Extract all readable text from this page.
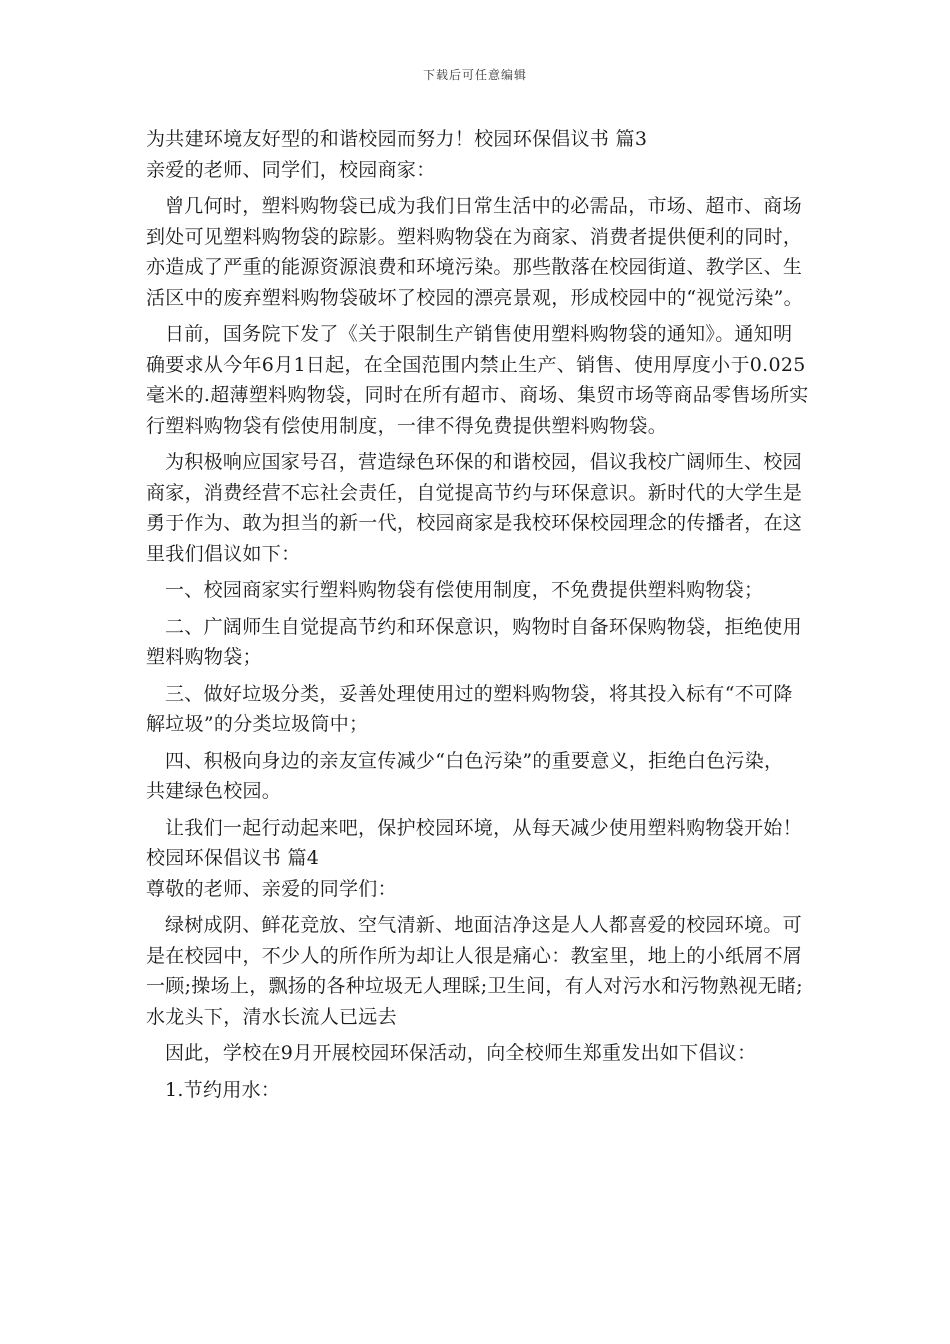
下载后可任意编辑
为共建环境友好型的和谐校园而努力！校园环保倡议书 篇3
亲爱的老师、同学们，校园商家：
曾几何时，塑料购物袋已成为我们日常生活中的必需品，市场、超市、商场
到处可见塑料购物袋的踪影。塑料购物袋在为商家、消费者提供便利的同时，
亦造成了严重的能源资源浪费和环境污染。那些散落在校园街道、教学区、生
活区中的废弃塑料购物袋破坏了校园的漂亮景观，形成校园中的“视觉污染”。
日前，国务院下发了《关于限制生产销售使用塑料购物袋的通知》。通知明
确要求从今年6月1日起，在全国范围内禁止生产、销售、使用厚度小于0.025
毫米的.超薄塑料购物袋，同时在所有超市、商场、集贸市场等商品零售场所实
行塑料购物袋有偿使用制度，一律不得免费提供塑料购物袋。
为积极响应国家号召，营造绿色环保的和谐校园，倡议我校广阔师生、校园
商家，消费经营不忘社会责任，自觉提高节约与环保意识。新时代的大学生是
勇于作为、敢为担当的新一代，校园商家是我校环保校园理念的传播者，在这
里我们倡议如下：
一、校园商家实行塑料购物袋有偿使用制度，不免费提供塑料购物袋；
二、广阔师生自觉提高节约和环保意识，购物时自备环保购物袋，拒绝使用
塑料购物袋；
三、做好垃圾分类，妥善处理使用过的塑料购物袋，将其投入标有“不可降
解垃圾”的分类垃圾筒中；
四、积极向身边的亲友宣传减少“白色污染”的重要意义，拒绝白色污染，
共建绿色校园。
让我们一起行动起来吧，保护校园环境，从每天减少使用塑料购物袋开始！
校园环保倡议书 篇4
尊敬的老师、亲爱的同学们：
绿树成阴、鲜花竞放、空气清新、地面洁净这是人人都喜爱的校园环境。可
是在校园中，不少人的所作所为却让人很是痛心：教室里，地上的小纸屑不屑
一顾;操场上，飘扬的各种垃圾无人理睬;卫生间，有人对污水和污物熟视无睹;
水龙头下，清水长流人已远去
因此，学校在9月开展校园环保活动，向全校师生郑重发出如下倡议：
1.节约用水：
